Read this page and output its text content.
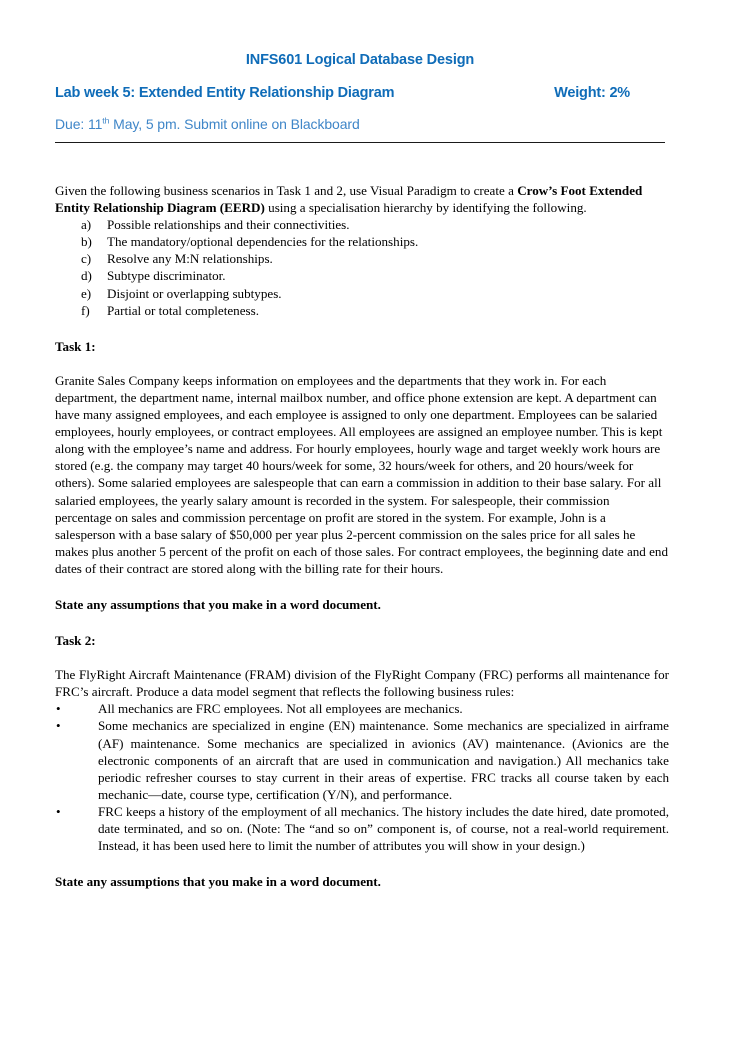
INFS601 Logical Database Design
Lab week 5: Extended Entity Relationship Diagram	Weight: 2%
Due: 11th May, 5 pm. Submit online on Blackboard

Given the following business scenarios in Task 1 and 2, use Visual Paradigm to create a Crow’s Foot Extended Entity Relationship Diagram (EERD) using a specialisation hierarchy by identifying the following.

a)	Possible relationships and their connectivities.
b)	The mandatory/optional dependencies for the relationships.
c)	Resolve any M:N relationships.
d)	Subtype discriminator.
e)	Disjoint or overlapping subtypes.
f)	Partial or total completeness.

Task 1:

Granite Sales Company keeps information on employees and the departments that they work in. For each department, the department name, internal mailbox number, and office phone extension are kept. A department can have many assigned employees, and each employee is assigned to only one department. Employees can be salaried employees, hourly employees, or contract employees. All employees are assigned an employee number. This is kept along with the employee’s name and address. For hourly employees, hourly wage and target weekly work hours are stored (e.g. the company may target 40 hours/week for some, 32 hours/week for others, and 20 hours/week for others). Some salaried employees are salespeople that can earn a commission in addition to their base salary. For all salaried employees, the yearly salary amount is recorded in the system. For salespeople, their commission percentage on sales and commission percentage on profit are stored in the system. For example, John is a salesperson with a base salary of $50,000 per year plus 2-percent commission on the sales price for all sales he makes plus another 5 percent of the profit on each of those sales. For contract employees, the beginning date and end dates of their contract are stored along with the billing rate for their hours.

State any assumptions that you make in a word document.

Task 2:

The FlyRight Aircraft Maintenance (FRAM) division of the FlyRight Company (FRC) performs all maintenance for FRC’s aircraft. Produce a data model segment that reflects the following business rules:

•	All mechanics are FRC employees. Not all employees are mechanics.
•	Some mechanics are specialized in engine (EN) maintenance. Some mechanics are specialized in airframe (AF) maintenance. Some mechanics are specialized in avionics (AV) maintenance. (Avionics are the electronic components of an aircraft that are used in communication and navigation.) All mechanics take periodic refresher courses to stay current in their areas of expertise. FRC tracks all course taken by each mechanic—date, course type, certification (Y/N), and performance.
•	FRC keeps a history of the employment of all mechanics. The history includes the date hired, date promoted, date terminated, and so on. (Note: The “and so on” component is, of course, not a real-world requirement. Instead, it has been used here to limit the number of attributes you will show in your design.)

State any assumptions that you make in a word document.
